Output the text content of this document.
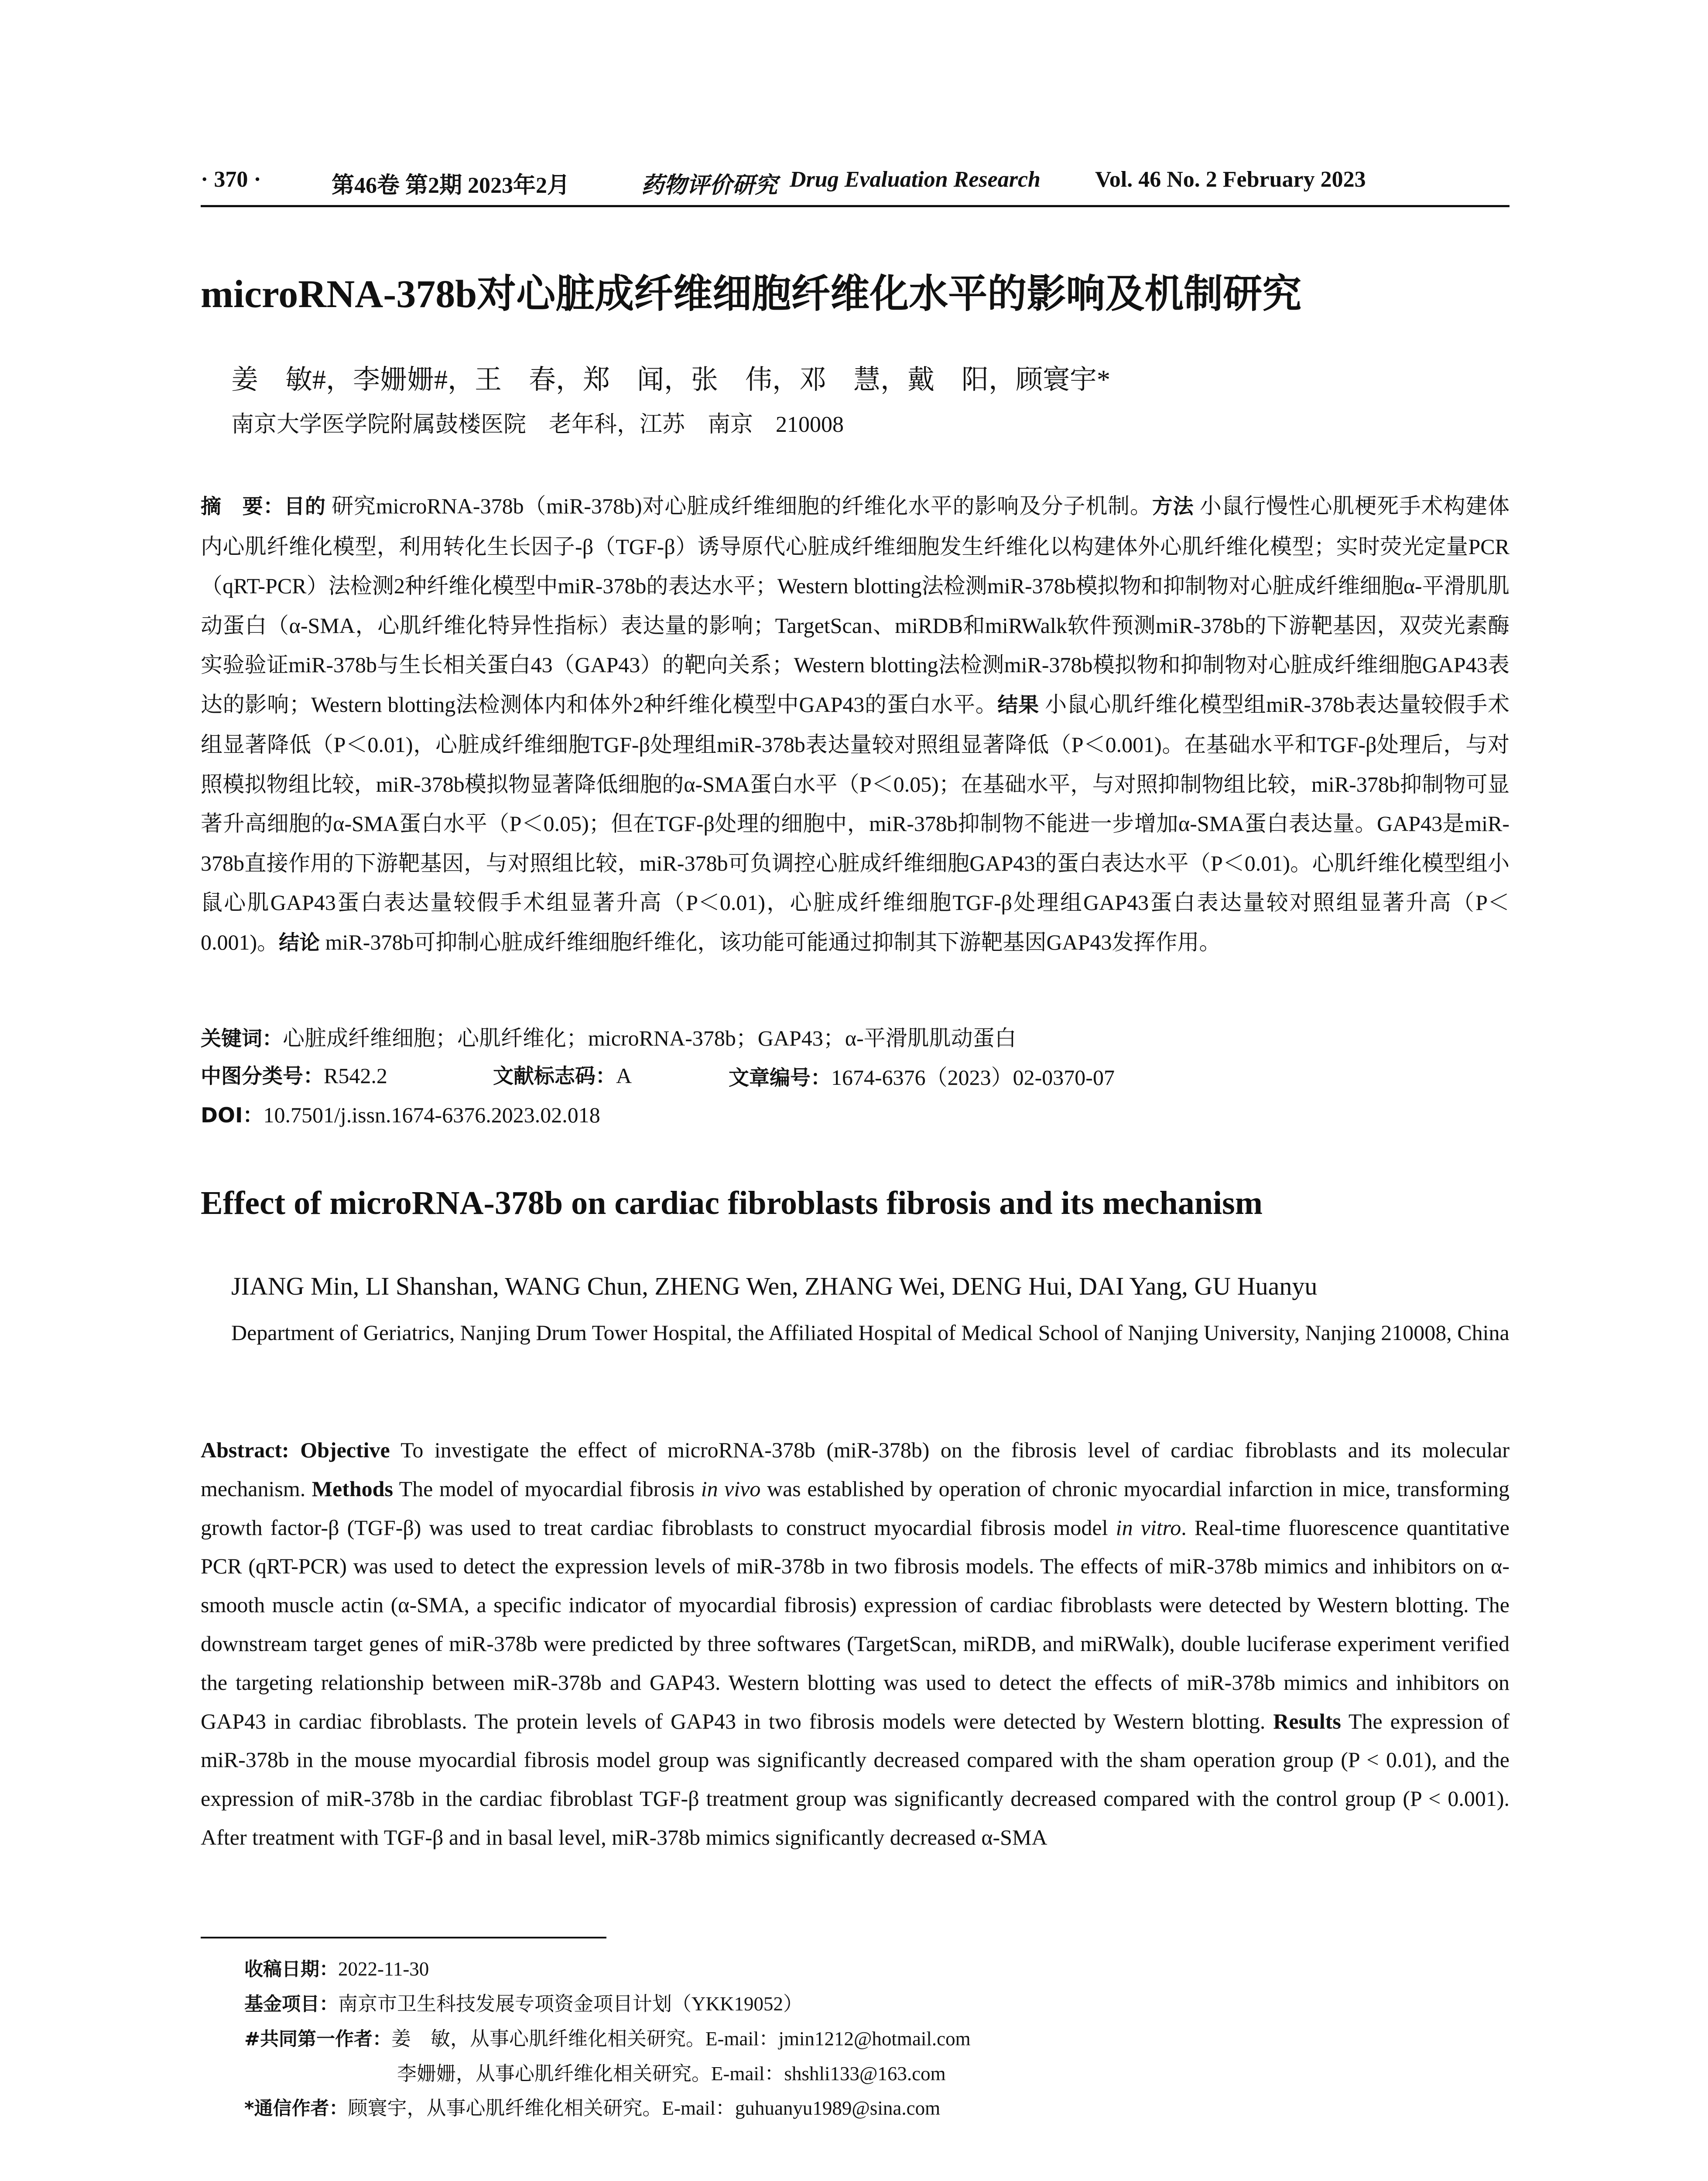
· 370 ·	第46卷 第2期 2023年2月	药物评价研究 Drug Evaluation Research Vol. 46 No. 2 February 2023
microRNA-378b对心脏成纤维细胞纤维化水平的影响及机制研究
姜　敏#，李姗姗#，王　春，郑　闻，张　伟，邓　慧，戴　阳，顾寰宇*
南京大学医学院附属鼓楼医院　老年科，江苏　南京　210008
摘　要：目的 研究microRNA-378b（miR-378b)对心脏成纤维细胞的纤维化水平的影响及分子机制。方法 小鼠行慢性心肌梗死手术构建体内心肌纤维化模型，利用转化生长因子-β（TGF-β）诱导原代心脏成纤维细胞发生纤维化以构建体外心肌纤维化模型；实时荧光定量PCR（qRT-PCR）法检测2种纤维化模型中miR-378b的表达水平；Western blotting法检测miR-378b模拟物和抑制物对心脏成纤维细胞α-平滑肌肌动蛋白（α-SMA，心肌纤维化特异性指标）表达量的影响；TargetScan、miRDB和miRWalk软件预测miR-378b的下游靶基因，双荧光素酶实验验证miR-378b与生长相关蛋白43（GAP43）的靶向关系；Western blotting法检测miR-378b模拟物和抑制物对心脏成纤维细胞GAP43表达的影响；Western blotting法检测体内和体外2种纤维化模型中GAP43的蛋白水平。结果 小鼠心肌纤维化模型组miR-378b表达量较假手术组显著降低（P＜0.01)，心脏成纤维细胞TGF-β处理组miR-378b表达量较对照组显著降低（P＜0.001)。在基础水平和TGF-β处理后，与对照模拟物组比较，miR-378b模拟物显著降低细胞的α-SMA蛋白水平（P＜0.05)；在基础水平，与对照抑制物组比较，miR-378b抑制物可显著升高细胞的α-SMA蛋白水平（P＜0.05)；但在TGF-β处理的细胞中，miR-378b抑制物不能进一步增加α-SMA蛋白表达量。GAP43是miR-378b直接作用的下游靶基因，与对照组比较，miR-378b可负调控心脏成纤维细胞GAP43的蛋白表达水平（P＜0.01)。心肌纤维化模型组小鼠心肌GAP43蛋白表达量较假手术组显著升高（P＜0.01)，心脏成纤维细胞TGF-β处理组GAP43蛋白表达量较对照组显著升高（P＜0.001)。结论 miR-378b可抑制心脏成纤维细胞纤维化，该功能可能通过抑制其下游靶基因GAP43发挥作用。
关键词：心脏成纤维细胞；心肌纤维化；microRNA-378b；GAP43；α-平滑肌肌动蛋白
中图分类号：R542.2	文献标志码：A	文章编号：1674-6376（2023）02-0370-07
DOI：10.7501/j.issn.1674-6376.2023.02.018
Effect of microRNA-378b on cardiac fibroblasts fibrosis and its mechanism
JIANG Min, LI Shanshan, WANG Chun, ZHENG Wen, ZHANG Wei, DENG Hui, DAI Yang, GU Huanyu
Department of Geriatrics, Nanjing Drum Tower Hospital, the Affiliated Hospital of Medical School of Nanjing University, Nanjing 210008, China
Abstract: Objective To investigate the effect of microRNA-378b (miR-378b) on the fibrosis level of cardiac fibroblasts and its molecular mechanism. Methods The model of myocardial fibrosis in vivo was established by operation of chronic myocardial infarction in mice, transforming growth factor-β (TGF-β) was used to treat cardiac fibroblasts to construct myocardial fibrosis model in vitro. Real-time fluorescence quantitative PCR (qRT-PCR) was used to detect the expression levels of miR-378b in two fibrosis models. The effects of miR-378b mimics and inhibitors on α-smooth muscle actin (α-SMA, a specific indicator of myocardial fibrosis) expression of cardiac fibroblasts were detected by Western blotting. The downstream target genes of miR-378b were predicted by three softwares (TargetScan, miRDB, and miRWalk), double luciferase experiment verified the targeting relationship between miR-378b and GAP43. Western blotting was used to detect the effects of miR-378b mimics and inhibitors on GAP43 in cardiac fibroblasts. The protein levels of GAP43 in two fibrosis models were detected by Western blotting. Results The expression of miR-378b in the mouse myocardial fibrosis model group was significantly decreased compared with the sham operation group (P < 0.01), and the expression of miR-378b in the cardiac fibroblast TGF-β treatment group was significantly decreased compared with the control group (P < 0.001). After treatment with TGF-β and in basal level, miR-378b mimics significantly decreased α-SMA
收稿日期：2022-11-30
基金项目：南京市卫生科技发展专项资金项目计划（YKK19052）
#共同第一作者：姜　敏，从事心肌纤维化相关研究。E-mail：jmin1212@hotmail.com
李姗姗，从事心肌纤维化相关研究。E-mail：shshli133@163.com
*通信作者：顾寰宇，从事心肌纤维化相关研究。E-mail：guhuanyu1989@sina.com
